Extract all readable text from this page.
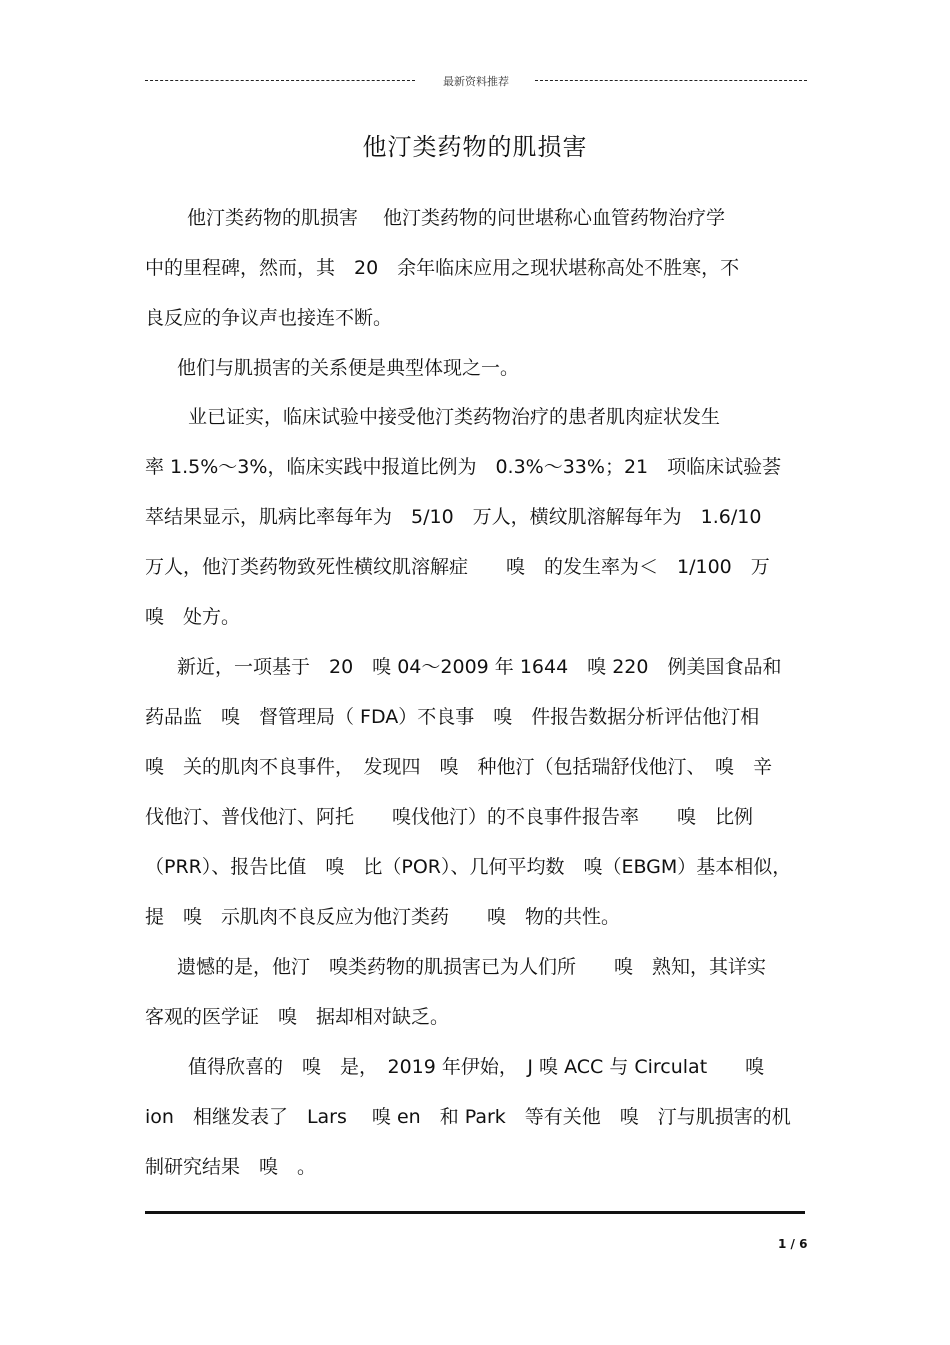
最新资料推荐
他汀类药物的肌损害
他汀类药物的肌损害　 他汀类药物的问世堪称心血管药物治疗学
中的里程碑，然而，其　20　余年临床应用之现状堪称高处不胜寒，不
良反应的争议声也接连不断。
他们与肌损害的关系便是典型体现之一。
业已证实，临床试验中接受他汀类药物治疗的患者肌肉症状发生
率 1.5%～3%，临床实践中报道比例为　0.3%～33%；21　项临床试验荟
萃结果显示，肌病比率每年为　5/10　万人，横纹肌溶解每年为　1.6/10
万人，他汀类药物致死性横纹肌溶解症　　嗅　的发生率为＜　1/100　万
嗅　处方。
新近，一项基于　20　嗅 04～2009 年 1644　嗅 220　例美国食品和
药品监　嗅　督管理局（ FDA）不良事　嗅　件报告数据分析评估他汀相
嗅　关的肌肉不良事件，　发现四　嗅　种他汀（包括瑞舒伐他汀、　嗅　辛
伐他汀、普伐他汀、阿托　　嗅伐他汀）的不良事件报告率　　嗅　比例
（PRR）、报告比值　嗅　比（POR）、几何平均数　嗅（EBGM）基本相似，
提　嗅　示肌肉不良反应为他汀类药　　嗅　物的共性。
遗憾的是，他汀　嗅类药物的肌损害已为人们所　　嗅　熟知，其详实
客观的医学证　嗅　据却相对缺乏。
值得欣喜的　嗅　是，　2019 年伊始，　J 嗅 ACC 与 Circulat　　嗅
ion　相继发表了　Lars　 嗅 en　和 Park　等有关他　嗅　汀与肌损害的机
制研究结果　嗅　。
1 / 6
